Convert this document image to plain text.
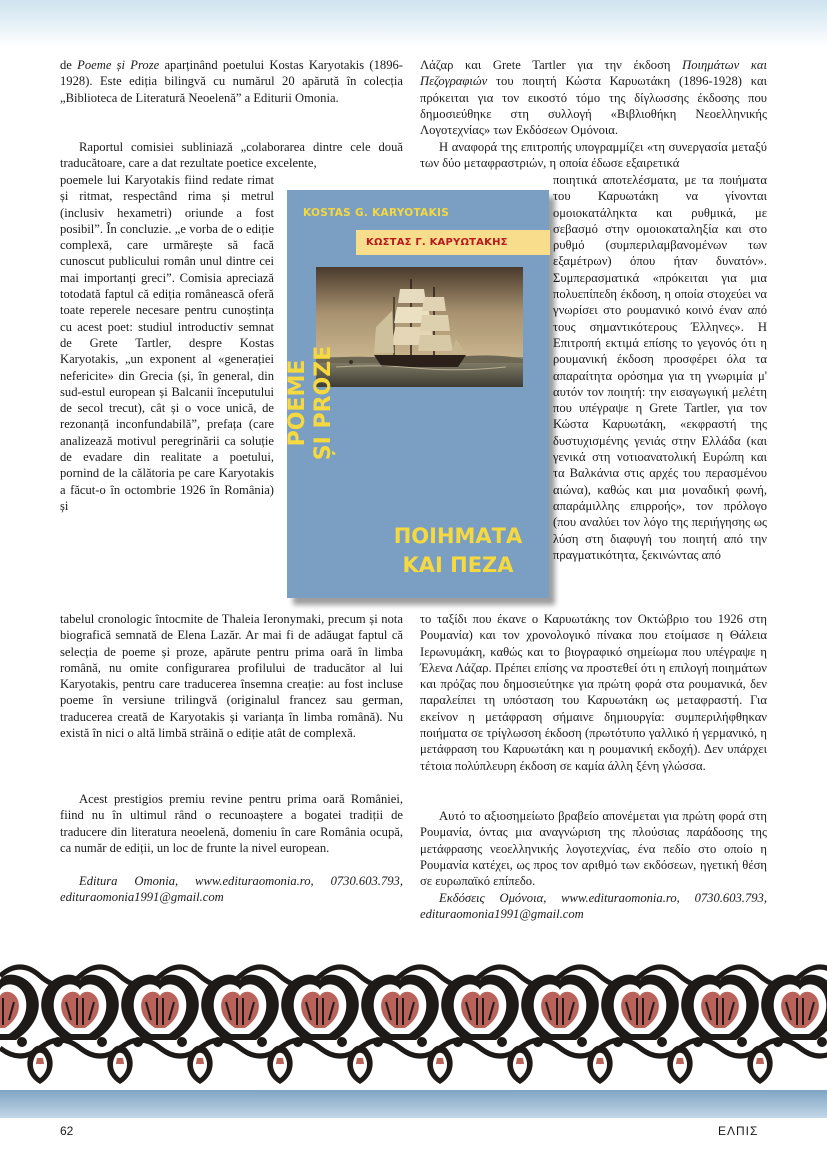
de Poeme și Proze aparținând poetului Kostas Karyotakis (1896-1928). Este ediția bilingvă cu numărul 20 apărută în colecția „Biblioteca de Literatură Neoelenă” a Editurii Omonia.

Raportul comisiei subliniază „colaborarea dintre cele două traducătoare, care a dat rezultate poetice excelente,

poemele lui Karyotakis fiind redate rimat și ritmat, respectând rima și metrul (inclusiv hexametri) oriunde a fost posibil”. În concluzie. „e vorba de o ediție complexă, care urmărește să facă cunoscut publicului român unul dintre cei mai importanți greci”. Comisia apreciază totodată faptul că ediția românească oferă toate reperele necesare pentru cunoștința cu acest poet: studiul introductiv semnat de Grete Tartler, despre Kostas Karyotakis, „un exponent al «generației nefericite» din Grecia (și, în general, din sud-estul european și Balcanii începutului de secol trecut), cât și o voce unică, de rezonanță inconfundabilă”, prefața (care analizează motivul peregrinării ca soluție de evadare din realitate a poetului, pornind de la călătoria pe care Karyotakis a făcut-o în octombrie 1926 în România) și

tabelul cronologic întocmite de Thaleia Ieronymaki, precum și nota biografică semnată de Elena Lazăr. Ar mai fi de adăugat faptul că selecția de poeme și proze, apărute pentru prima oară în limba română, nu omite configurarea profilului de traducător al lui Karyotakis, pentru care traducerea însemna creație: au fost incluse poeme în versiune trilingvă (originalul francez sau german, traducerea creată de Karyotakis și varianța în limba română). Nu există în nici o altă limbă străină o ediție atât de complexă.

Acest prestigios premiu revine pentru prima oară României, fiind nu în ultimul rând o recunoaștere a bogatei tradiții de traducere din literatura neoelenă, domeniu în care România ocupă, ca număr de ediții, un loc de frunte la nivel european.

Editura Omonia, www.edituraomonia.ro, 0730.603.793, edituraomonia1991@gmail.com

Λάζαρ και Grete Tartler για την έκδοση Ποιημάτων και Πεζογραφιών του ποιητή Κώστα Καρυωτάκη (1896-1928) και πρόκειται για τον εικοστό τόμο της δίγλωσσης έκδοσης που δημοσιεύθηκε στη συλλογή «Βιβλιοθήκη Νεοελληνικής Λογοτεχνίας» των Εκδόσεων Ομόνοια.

Η αναφορά της επιτροπής υπογραμμίζει «τη συνεργασία μεταξύ των δύο μεταφραστριών, η οποία έδωσε εξαιρετικά

ποιητικά αποτελέσματα, με τα ποιήματα του Καρυωτάκη να γίνονται ομοιοκατάληκτα και ρυθμικά, με σεβασμό στην ομοιοκαταληξία και στο ρυθμό (συμπεριλαμβανομένων των εξαμέτρων) όπου ήταν δυνατόν». Συμπερασματικά «πρόκειται για μια πολυεπίπεδη έκδοση, η οποία στοχεύει να γνωρίσει στο ρουμανικό κοινό έναν από τους σημαντικότερους Έλληνες». Η Επιτροπή εκτιμά επίσης το γεγονός ότι η ρουμανική έκδοση προσφέρει όλα τα απαραίτητα ορόσημα για τη γνωριμία μ' αυτόν τον ποιητή: την εισαγωγική μελέτη που υπέγραψε η Grete Tartler, για τον Κώστα Καρυωτάκη, «εκφραστή της δυστυχισμένης γενιάς στην Ελλάδα (και γενικά στη νοτιοανατολική Ευρώπη και τα Βαλκάνια στις αρχές του περασμένου αιώνα), καθώς και μια μοναδική φωνή, απαράμιλλης επιρροής», τον πρόλογο (που αναλύει τον λόγο της περιήγησης ως λύση στη διαφυγή του ποιητή από την πραγματικότητα, ξεκινώντας από

το ταξίδι που έκανε ο Καρυωτάκης τον Οκτώβριο του 1926 στη Ρουμανία) και τον χρονολογικό πίνακα που ετοίμασε η Θάλεια Ιερωνυμάκη, καθώς και το βιογραφικό σημείωμα που υπέγραψε η Έλενα Λάζαρ. Πρέπει επίσης να προστεθεί ότι η επιλογή ποιημάτων και πρόζας που δημοσιεύτηκε για πρώτη φορά στα ρουμανικά, δεν παραλείπει τη υπόσταση του Καρυωτάκη ως μεταφραστή. Για εκείνον η μετάφραση σήμαινε δημιουργία: συμπεριλήφθηκαν ποιήματα σε τρίγλωσση έκδοση (πρωτότυπο γαλλικό ή γερμανικό, η μετάφραση του Καρυωτάκη και η ρουμανική εκδοχή). Δεν υπάρχει τέτοια πολύπλευρη έκδοση σε καμία άλλη ξένη γλώσσα.

Αυτό το αξιοσημείωτο βραβείο απονέμεται για πρώτη φορά στη Ρουμανία, όντας μια αναγνώριση της πλούσιας παράδοσης της μετάφρασης νεοελληνικής λογοτεχνίας, ένα πεδίο στο οποίο η Ρουμανία κατέχει, ως προς τον αριθμό των εκδόσεων, ηγετική θέση σε ευρωπαϊκό επίπεδο.

Εκδόσεις Ομόνοια, www.edituraomonia.ro, 0730.603.793, edituraomonia1991@gmail.com

KOSTAS G. KARYOTAKIS
ΚΩΣΤΑΣ Γ. ΚΑΡΥΩΤΑΚΗΣ
POEME ȘI PROZE
ΠΟΙΗΜΑΤΑ
ΚΑΙ ΠΕΖΑ
62	ΕΛΠΙΣ
